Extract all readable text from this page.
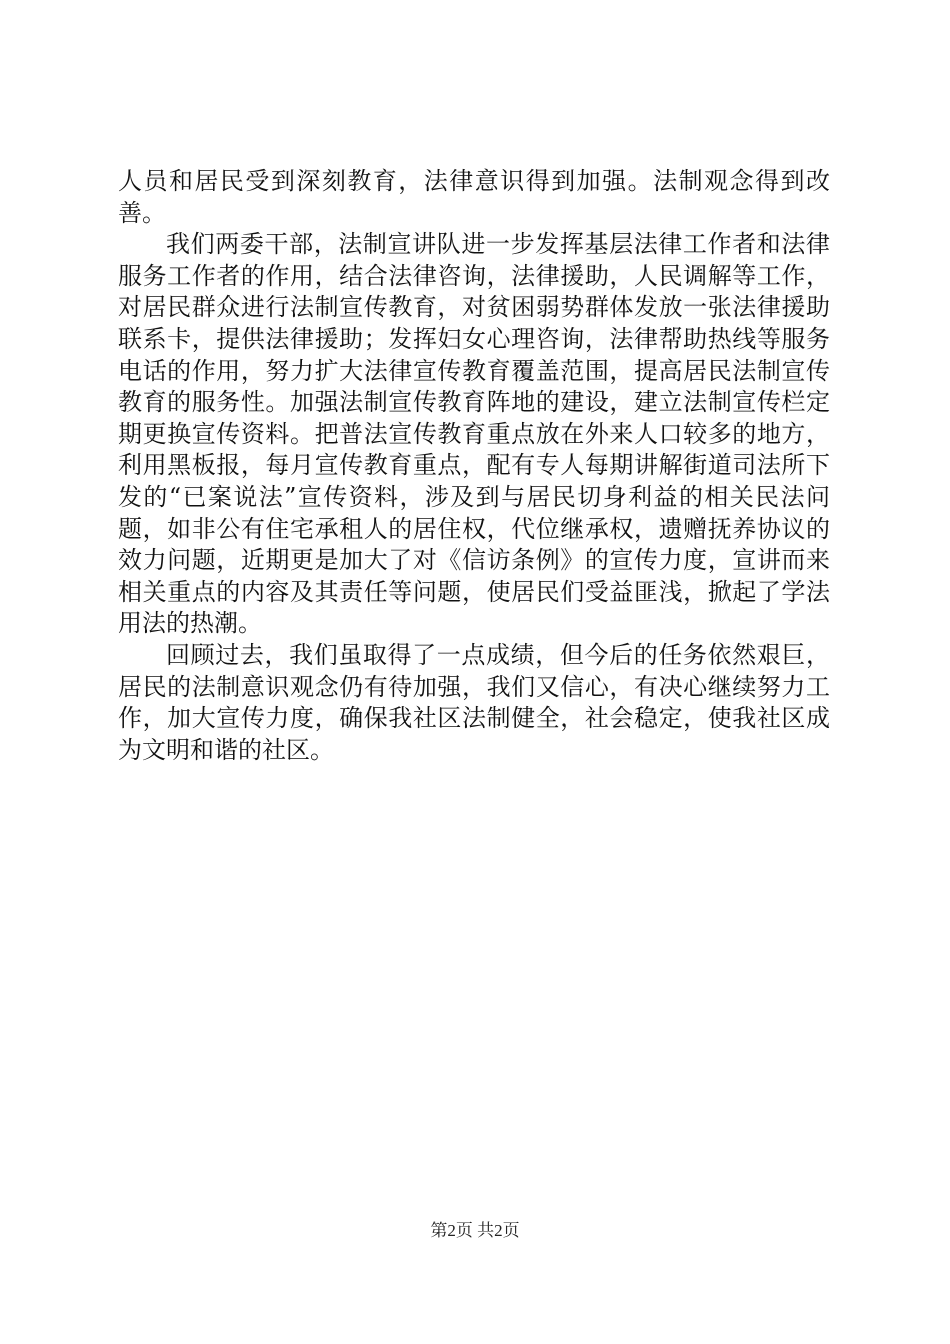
人员和居民受到深刻教育，法律意识得到加强。法制观念得到改善。

我们两委干部，法制宣讲队进一步发挥基层法律工作者和法律服务工作者的作用，结合法律咨询，法律援助，人民调解等工作，对居民群众进行法制宣传教育，对贫困弱势群体发放一张法律援助联系卡，提供法律援助；发挥妇女心理咨询，法律帮助热线等服务电话的作用，努力扩大法律宣传教育覆盖范围，提高居民法制宣传教育的服务性。加强法制宣传教育阵地的建设，建立法制宣传栏定期更换宣传资料。把普法宣传教育重点放在外来人口较多的地方，利用黑板报，每月宣传教育重点，配有专人每期讲解街道司法所下发的“已案说法”宣传资料，涉及到与居民切身利益的相关民法问题，如非公有住宅承租人的居住权，代位继承权，遗赠抚养协议的效力问题，近期更是加大了对《信访条例》的宣传力度，宣讲而来相关重点的内容及其责任等问题，使居民们受益匪浅，掀起了学法用法的热潮。

回顾过去，我们虽取得了一点成绩，但今后的任务依然艰巨，居民的法制意识观念仍有待加强，我们又信心，有决心继续努力工作，加大宣传力度，确保我社区法制健全，社会稳定，使我社区成为文明和谐的社区。

第2页 共2页
